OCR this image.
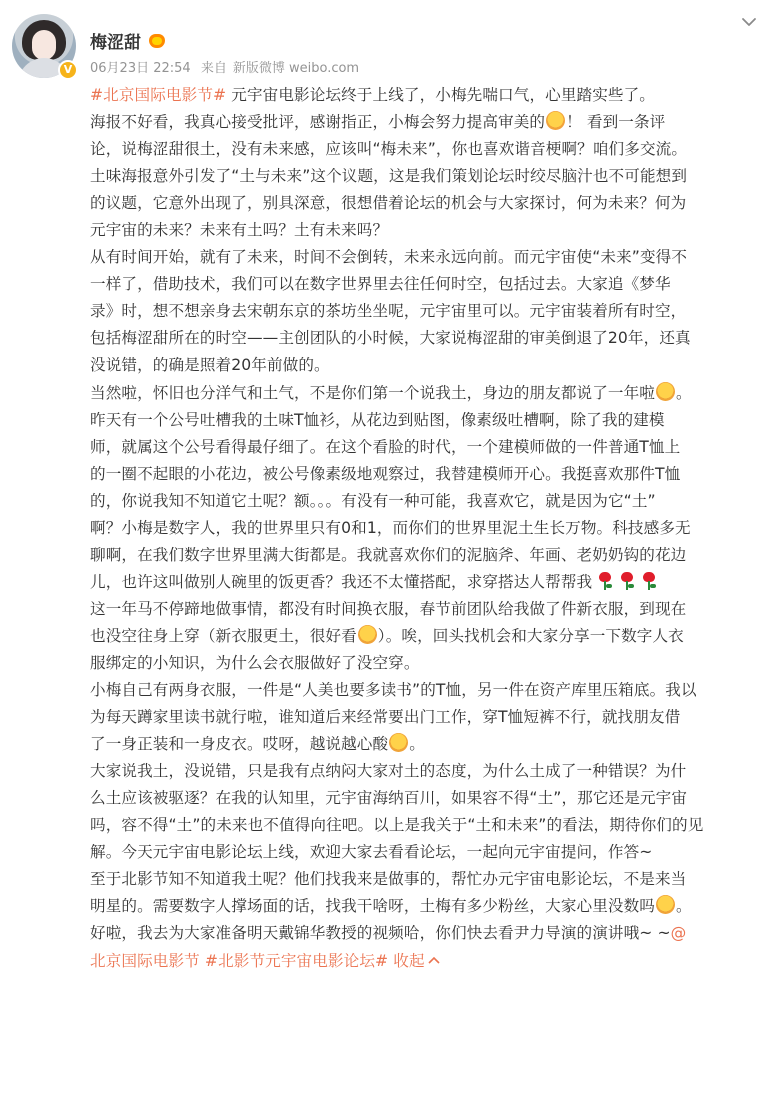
V
梅涩甜
06月23日 22:54 来自 新版微博 weibo.com
#北京国际电影节# 元宇宙电影论坛终于上线了，小梅先喘口气，心里踏实些了。
海报不好看，我真心接受批评，感谢指正，小梅会努力提高审美的 ！ 看到一条评
论，说梅涩甜很土，没有未来感，应该叫“梅未来”，你也喜欢谐音梗啊？咱们多交流。
土味海报意外引发了“土与未来”这个议题，这是我们策划论坛时绞尽脑汁也不可能想到
的议题，它意外出现了，别具深意，很想借着论坛的机会与大家探讨，何为未来？何为
元宇宙的未来？未来有土吗？土有未来吗？
从有时间开始，就有了未来，时间不会倒转，未来永远向前。而元宇宙使“未来”变得不
一样了，借助技术，我们可以在数字世界里去往任何时空，包括过去。大家追《梦华
录》时，想不想亲身去宋朝东京的茶坊坐坐呢，元宇宙里可以。元宇宙装着所有时空，
包括梅涩甜所在的时空——主创团队的小时候，大家说梅涩甜的审美倒退了20年，还真
没说错，的确是照着20年前做的。
当然啦，怀旧也分洋气和土气，不是你们第一个说我土，身边的朋友都说了一年啦 。
昨天有一个公号吐槽我的土味T恤衫，从花边到贴图，像素级吐槽啊，除了我的建模
师，就属这个公号看得最仔细了。在这个看脸的时代，一个建模师做的一件普通T恤上
的一圈不起眼的小花边，被公号像素级地观察过，我替建模师开心。我挺喜欢那件T恤
的，你说我知不知道它土呢？额。。。有没有一种可能，我喜欢它，就是因为它“土”
啊？小梅是数字人，我的世界里只有0和1，而你们的世界里泥土生长万物。科技感多无
聊啊，在我们数字世界里满大街都是。我就喜欢你们的泥脑斧、年画、老奶奶钩的花边
儿，也许这叫做别人碗里的饭更香？我还不太懂搭配，求穿搭达人帮帮我
这一年马不停蹄地做事情，都没有时间换衣服，春节前团队给我做了件新衣服，到现在
也没空往身上穿（新衣服更土，很好看 ）。唉，回头找机会和大家分享一下数字人衣
服绑定的小知识，为什么会衣服做好了没空穿。
小梅自己有两身衣服，一件是“人美也要多读书”的T恤，另一件在资产库里压箱底。我以
为每天蹲家里读书就行啦，谁知道后来经常要出门工作，穿T恤短裤不行，就找朋友借
了一身正装和一身皮衣。哎呀，越说越心酸 。
大家说我土，没说错，只是我有点纳闷大家对土的态度，为什么土成了一种错误？为什
么土应该被驱逐？在我的认知里，元宇宙海纳百川，如果容不得“土”，那它还是元宇宙
吗，容不得“土”的未来也不值得向往吧。以上是我关于“土和未来”的看法，期待你们的见
解。今天元宇宙电影论坛上线，欢迎大家去看看论坛，一起向元宇宙提问，作答~
至于北影节知不知道我土呢？他们找我来是做事的，帮忙办元宇宙电影论坛，不是来当
明星的。需要数字人撑场面的话，找我干啥呀，土梅有多少粉丝，大家心里没数吗 。
好啦，我去为大家准备明天戴锦华教授的视频哈，你们快去看尹力导演的演讲哦~ ~@
北京国际电影节 #北影节元宇宙电影论坛# 收起
